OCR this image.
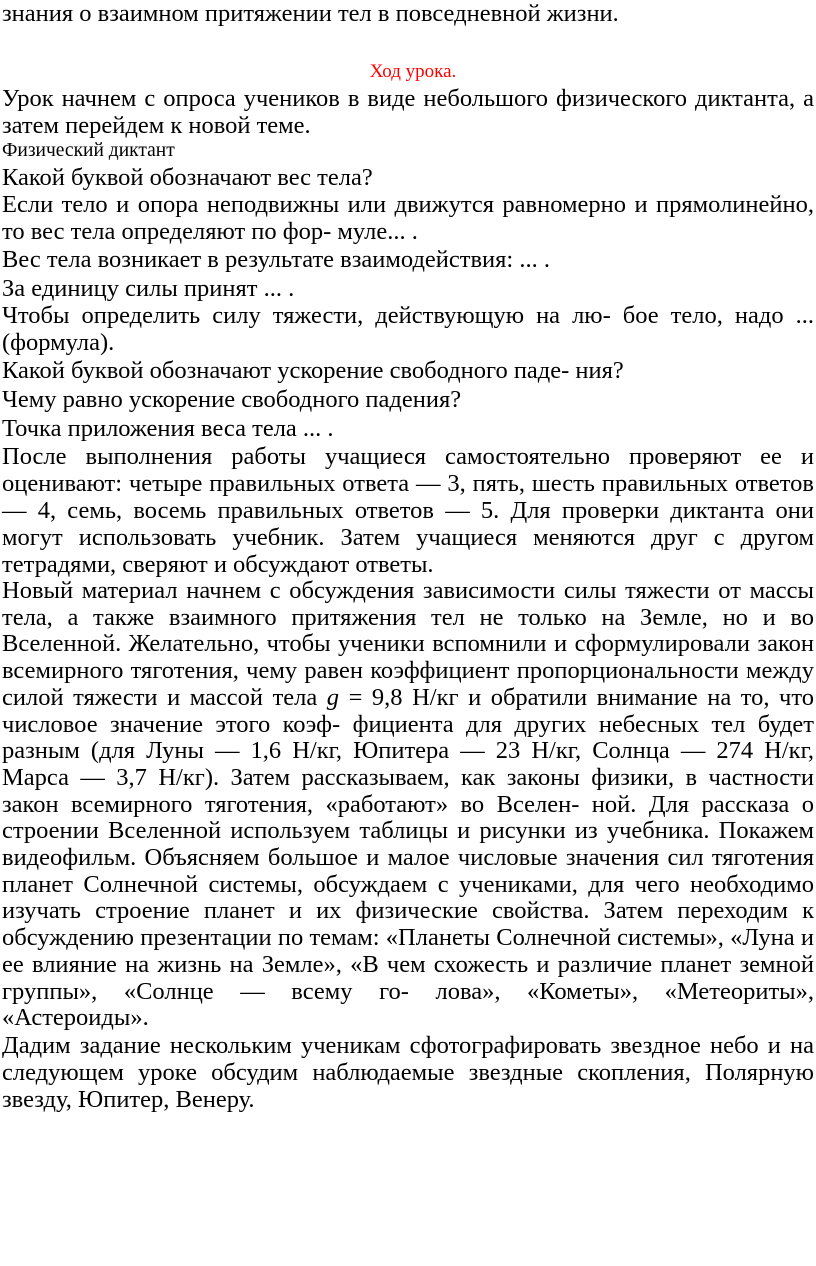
знания о взаимном притяжении тел в повседневной жизни.

Ход урока.

Урок начнем с опроса учеников в виде небольшого физического диктанта, а затем перейдем к новой теме.

Физический диктант

Какой буквой обозначают вес тела?

Если тело и опора неподвижны или движутся равномерно и прямолинейно, то вес тела определяют по фор- муле... .

Вес тела возникает в результате взаимодействия: ... .

За единицу силы принят ... .

Чтобы определить силу тяжести, действующую на лю- бое тело, надо ... (формула).

Какой буквой обозначают ускорение свободного паде- ния?

Чему равно ускорение свободного падения?

Точка приложения веса тела ... .

После выполнения работы учащиеся самостоятельно проверяют ее и оценивают: четыре правильных ответа — 3, пять, шесть правильных ответов — 4, семь, восемь правильных ответов — 5. Для проверки диктанта они могут использовать учебник. Затем учащиеся меняются друг с другом тетрадями, сверяют и обсуждают ответы.

Новый материал начнем с обсуждения зависимости силы тяжести от массы тела, а также взаимного притяжения тел не только на Земле, но и во Вселенной. Желательно, чтобы ученики вспомнили и сформулировали закон всемирного тяготения, чему равен коэффициент пропорциональности между силой тяжести и массой тела g = 9,8 Н/кг и обратили внимание на то, что числовое значение этого коэф- фициента для других небесных тел будет разным (для Луны — 1,6 Н/кг, Юпитера — 23 Н/кг, Солнца — 274 Н/кг, Марса — 3,7 Н/кг). Затем рассказываем, как законы физики, в частности закон всемирного тяготения, «работают» во Вселен- ной. Для рассказа о строении Вселенной используем таблицы и рисунки из учебника. Покажем видеофильм. Объясняем большое и малое числовые значения сил тяготения планет Солнечной системы, обсуждаем с учениками, для чего необходимо изучать строение планет и их физические свойства. Затем переходим к обсуждению презентации по темам: «Планеты Солнечной системы», «Луна и ее влияние на жизнь на Земле», «В чем схожесть и различие планет земной группы», «Солнце — всему го- лова», «Кометы», «Метеориты», «Астероиды».

Дадим задание нескольким ученикам сфотографировать звездное небо и на следующем уроке обсудим наблюдаемые звездные скопления, Полярную звезду, Юпитер, Венеру.
